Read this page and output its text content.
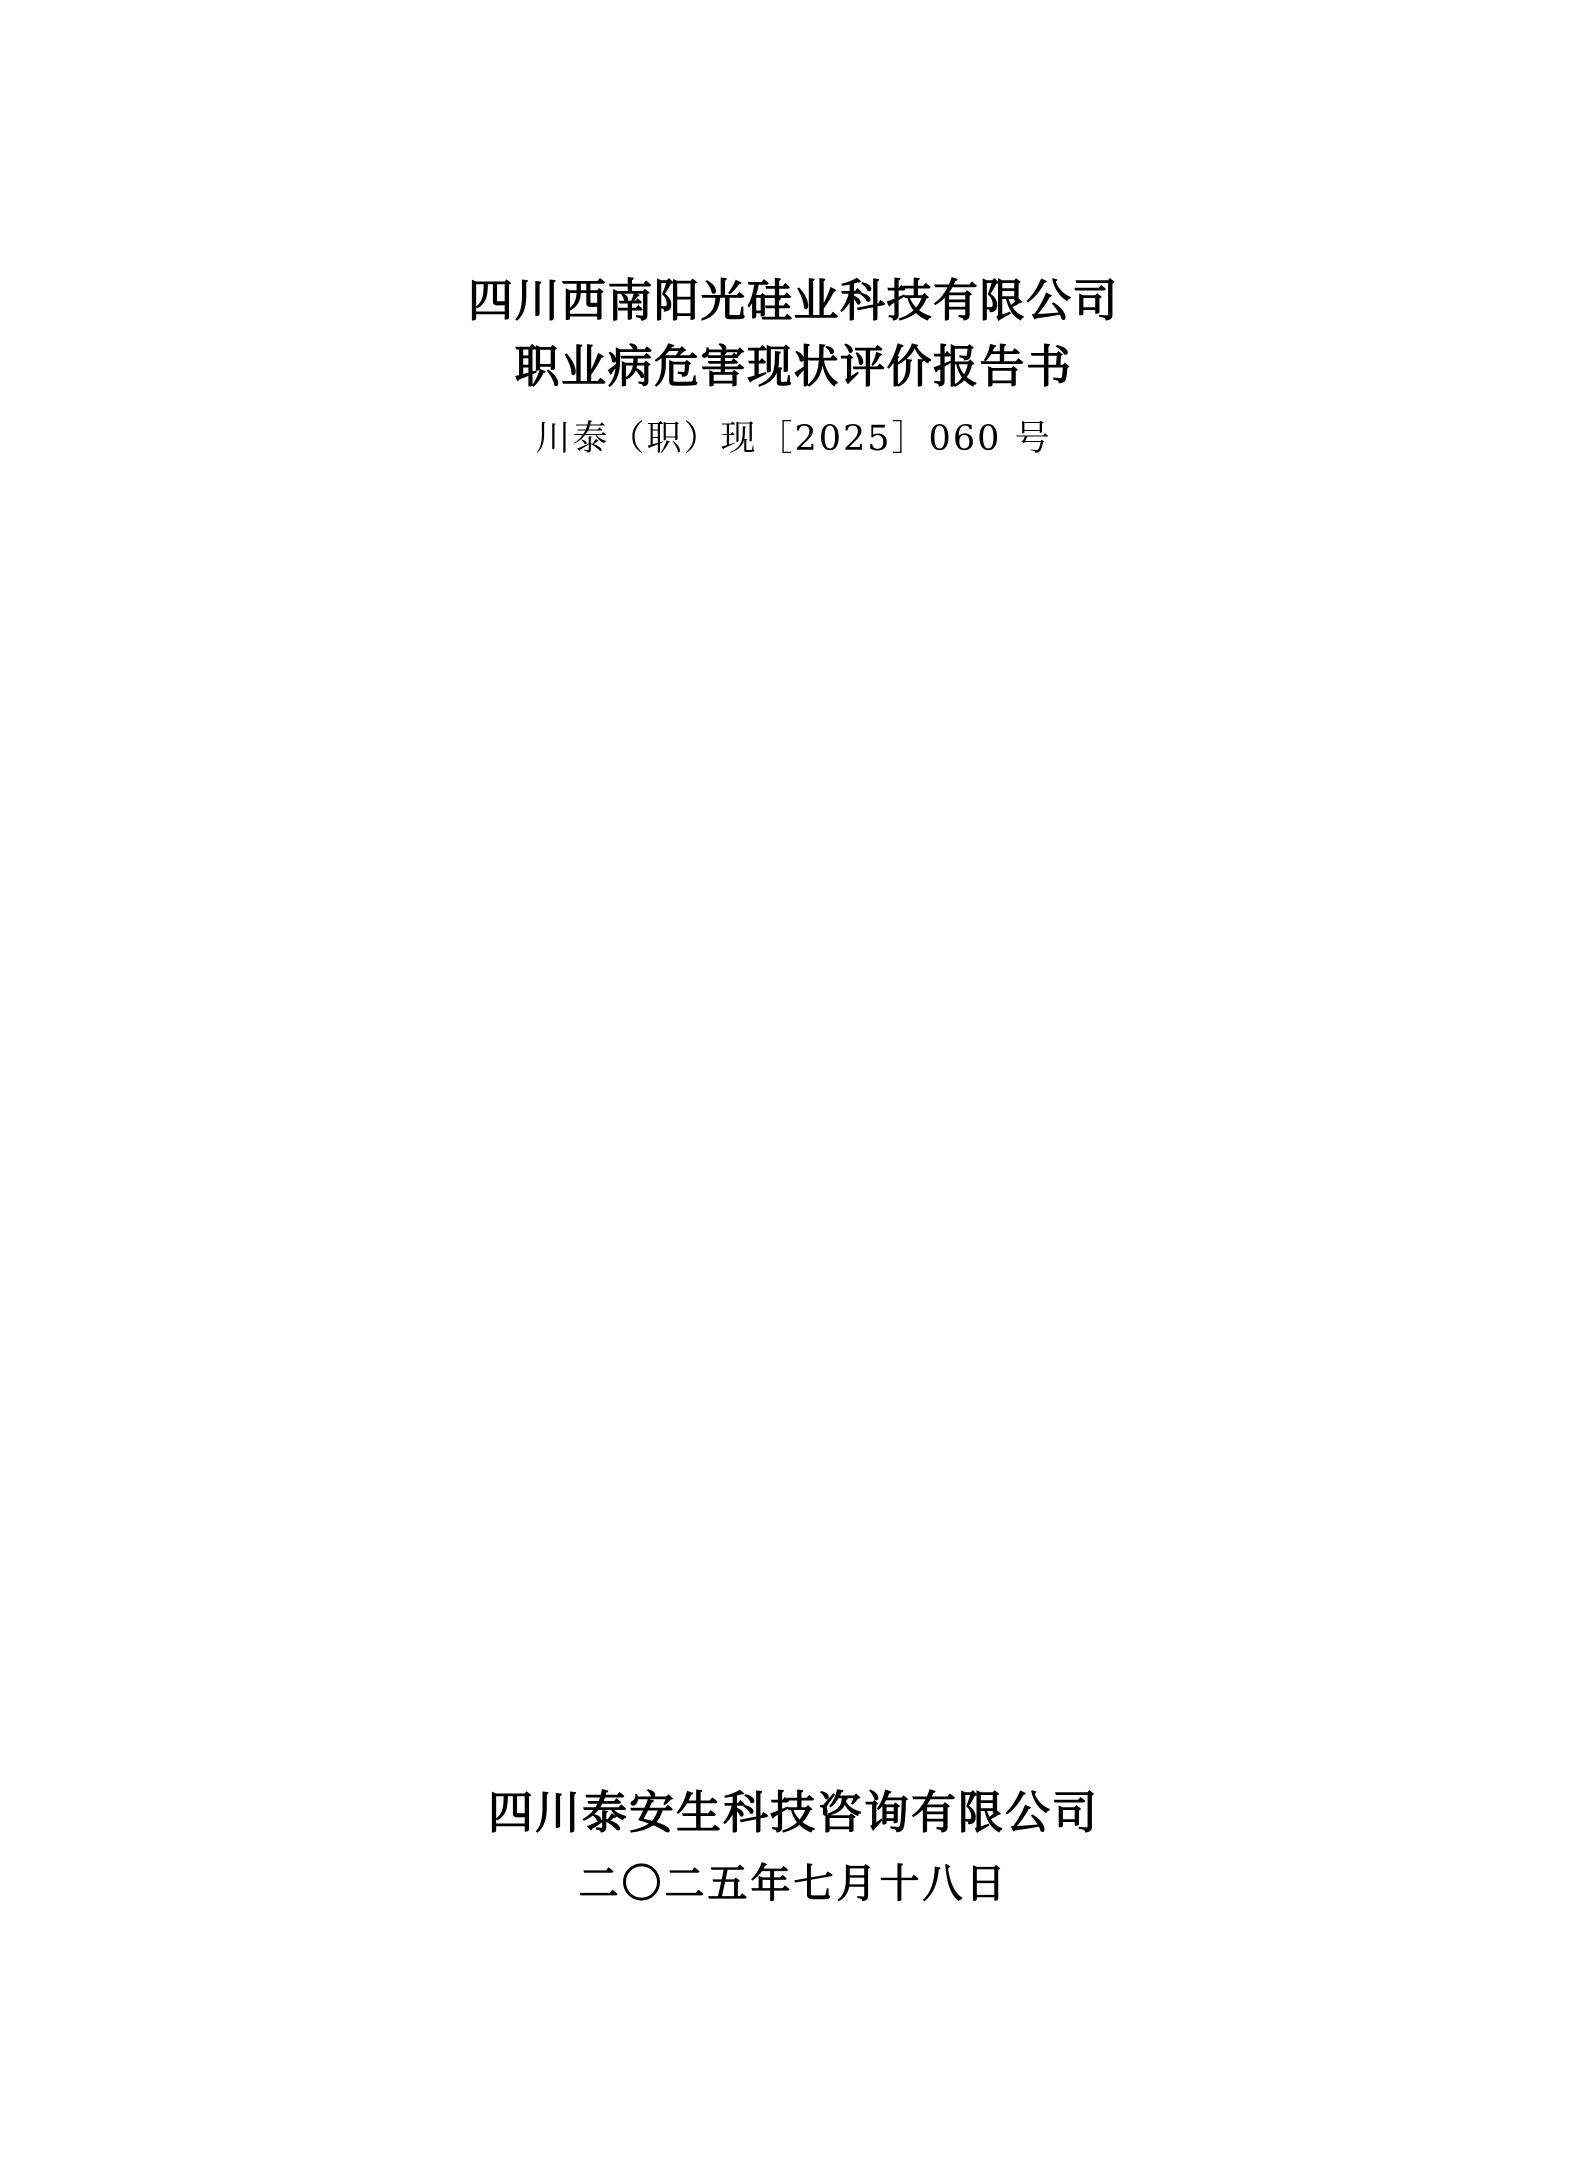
四川西南阳光硅业科技有限公司
职业病危害现状评价报告书
川泰（职）现［2025］060 号
四川泰安生科技咨询有限公司
二〇二五年七月十八日
